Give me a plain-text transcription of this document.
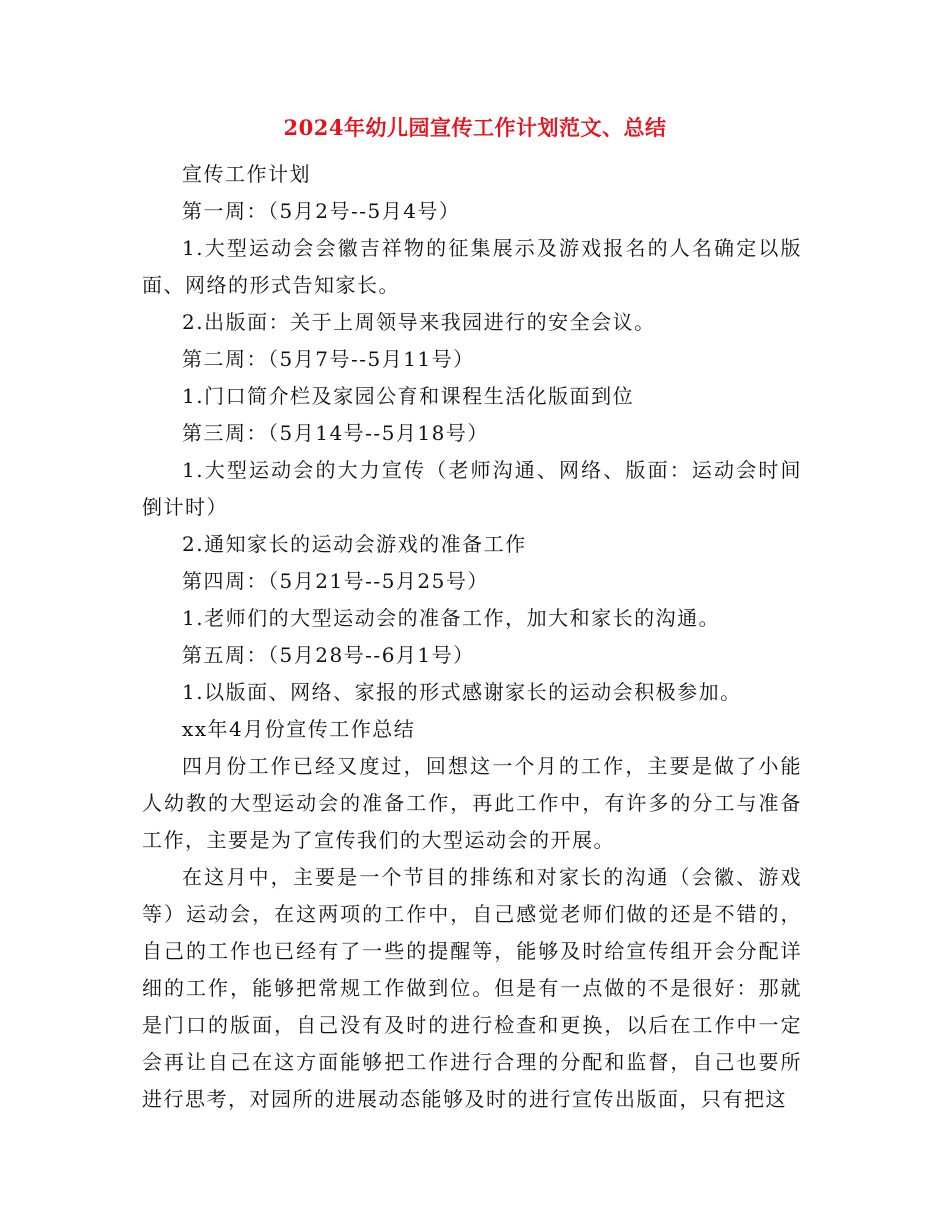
2024年幼儿园宣传工作计划范文、总结

宣传工作计划

第一周：（5月2号--5月4号）

1.大型运动会会徽吉祥物的征集展示及游戏报名的人名确定以版面、网络的形式告知家长。

2.出版面：关于上周领导来我园进行的安全会议。

第二周：（5月7号--5月11号）

1.门口简介栏及家园公育和课程生活化版面到位

第三周：（5月14号--5月18号）

1.大型运动会的大力宣传（老师沟通、网络、版面：运动会时间倒计时）

2.通知家长的运动会游戏的准备工作

第四周：（5月21号--5月25号）

1.老师们的大型运动会的准备工作，加大和家长的沟通。

第五周：（5月28号--6月1号）

1.以版面、网络、家报的形式感谢家长的运动会积极参加。

xx年4月份宣传工作总结

四月份工作已经又度过，回想这一个月的工作，主要是做了小能人幼教的大型运动会的准备工作，再此工作中，有许多的分工与准备工作，主要是为了宣传我们的大型运动会的开展。

在这月中，主要是一个节目的排练和对家长的沟通（会徽、游戏等）运动会，在这两项的工作中，自己感觉老师们做的还是不错的，自己的工作也已经有了一些的提醒等，能够及时给宣传组开会分配详细的工作，能够把常规工作做到位。但是有一点做的不是很好：那就是门口的版面，自己没有及时的进行检查和更换，以后在工作中一定会再让自己在这方面能够把工作进行合理的分配和监督，自己也要所进行思考，对园所的进展动态能够及时的进行宣传出版面，只有把这
